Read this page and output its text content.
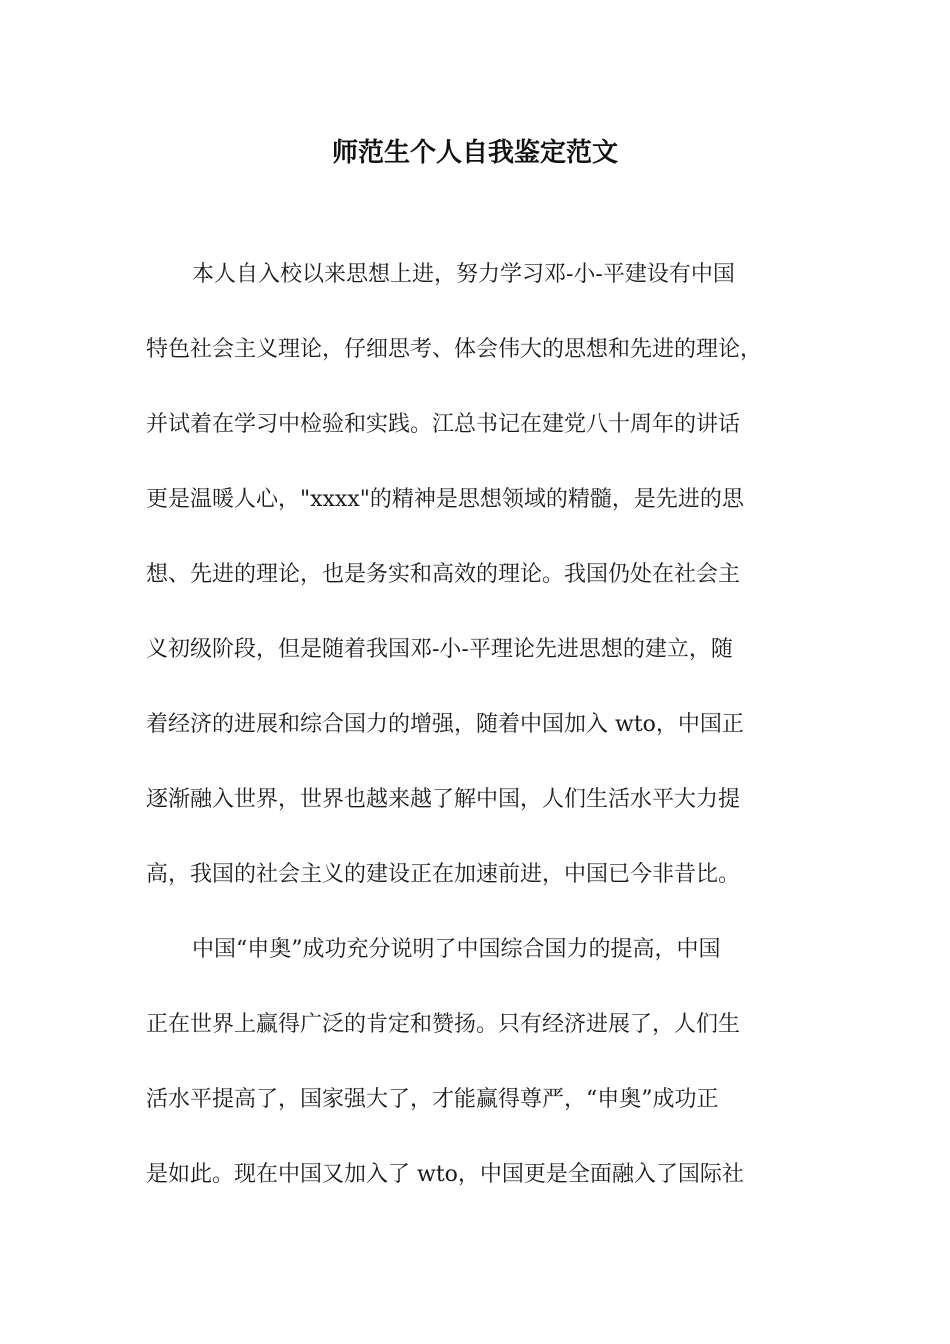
师范生个人自我鉴定范文
本人自入校以来思想上进，努力学习邓-小-平建设有中国
特色社会主义理论，仔细思考、体会伟大的思想和先进的理论，
并试着在学习中检验和实践。江总书记在建党八十周年的讲话
更是温暖人心，"xxxx"的精神是思想领域的精髓，是先进的思
想、先进的理论，也是务实和高效的理论。我国仍处在社会主
义初级阶段，但是随着我国邓-小-平理论先进思想的建立，随
着经济的进展和综合国力的增强，随着中国加入 wto，中国正
逐渐融入世界，世界也越来越了解中国，人们生活水平大力提
高，我国的社会主义的建设正在加速前进，中国已今非昔比。
中国“申奥”成功充分说明了中国综合国力的提高，中国
正在世界上赢得广泛的肯定和赞扬。只有经济进展了，人们生
活水平提高了，国家强大了，才能赢得尊严，“申奥”成功正
是如此。现在中国又加入了 wto，中国更是全面融入了国际社
